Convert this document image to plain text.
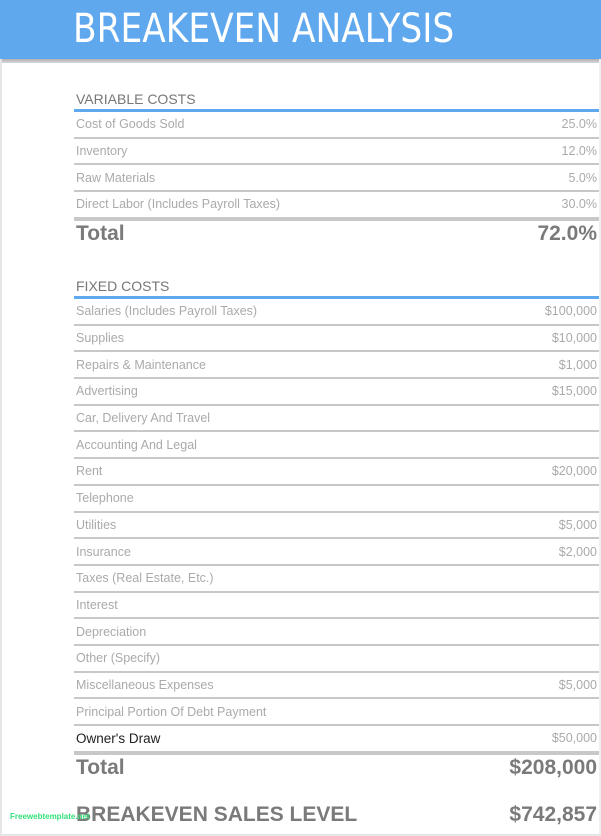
BREAKEVEN ANALYSIS
VARIABLE COSTS
Cost of Goods Sold	25.0%
Inventory	12.0%
Raw Materials	5.0%
Direct Labor (Includes Payroll Taxes)	30.0%
Total	72.0%
FIXED COSTS
Salaries (Includes Payroll Taxes)	$100,000
Supplies	$10,000
Repairs & Maintenance	$1,000
Advertising	$15,000
Car, Delivery And Travel
Accounting And Legal
Rent	$20,000
Telephone
Utilities	$5,000
Insurance	$2,000
Taxes (Real Estate, Etc.)
Interest
Depreciation
Other (Specify)
Miscellaneous Expenses	$5,000
Principal Portion Of Debt Payment
Owner's Draw	$50,000
Total	$208,000
BREAKEVEN SALES LEVEL	$742,857
Freewebtemplate.net
